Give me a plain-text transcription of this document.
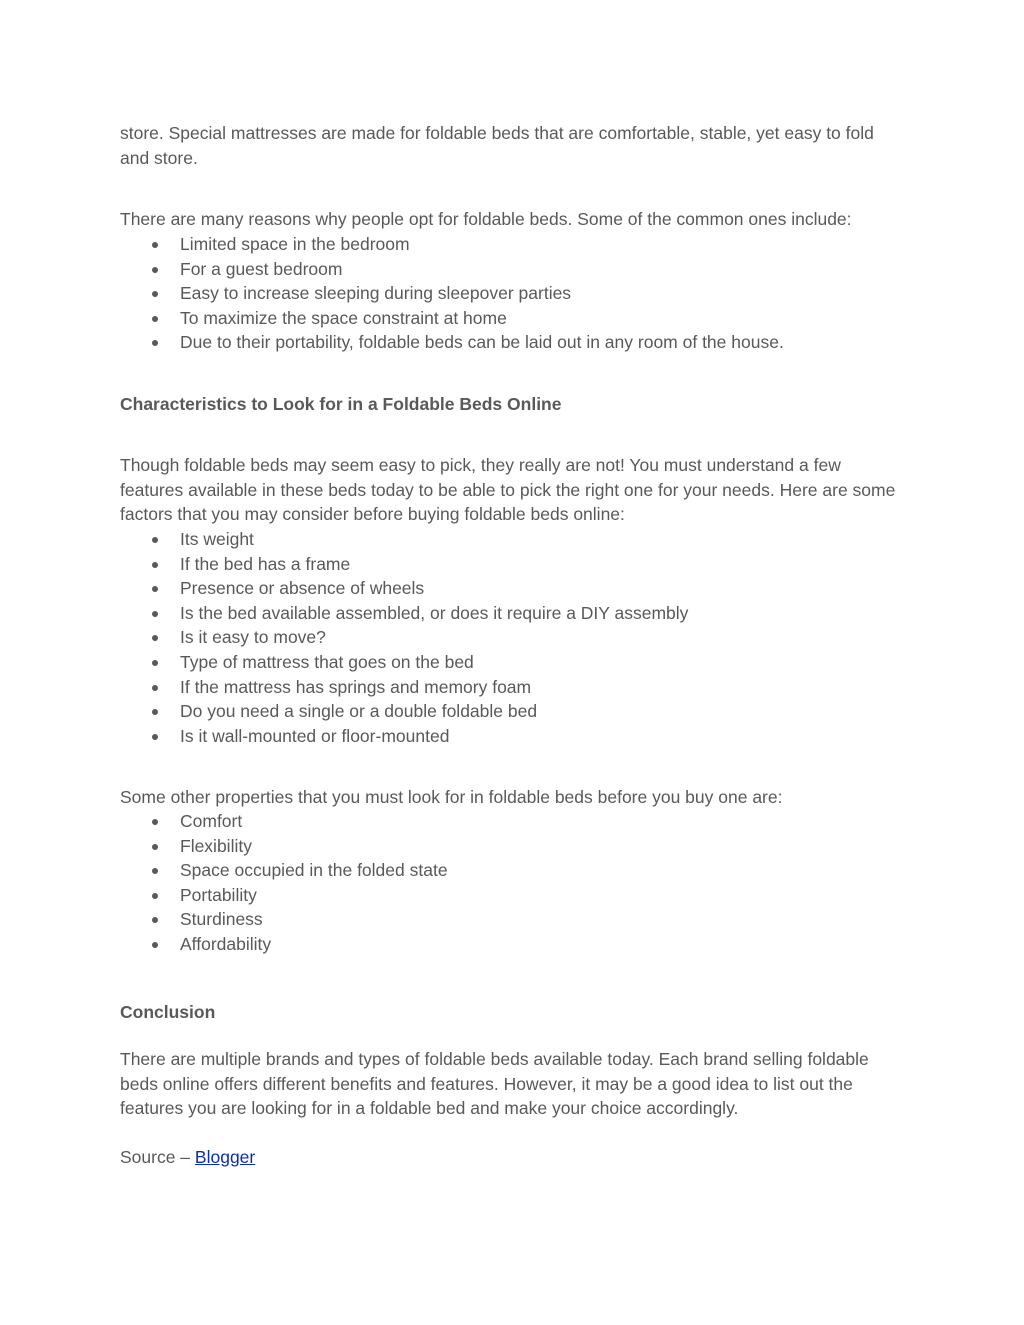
store. Special mattresses are made for foldable beds that are comfortable, stable, yet easy to fold and store.

There are many reasons why people opt for foldable beds. Some of the common ones include:

Limited space in the bedroom
For a guest bedroom
Easy to increase sleeping during sleepover parties
To maximize the space constraint at home
Due to their portability, foldable beds can be laid out in any room of the house.

Characteristics to Look for in a Foldable Beds Online

Though foldable beds may seem easy to pick, they really are not! You must understand a few features available in these beds today to be able to pick the right one for your needs. Here are some factors that you may consider before buying foldable beds online:

Its weight
If the bed has a frame
Presence or absence of wheels
Is the bed available assembled, or does it require a DIY assembly
Is it easy to move?
Type of mattress that goes on the bed
If the mattress has springs and memory foam
Do you need a single or a double foldable bed
Is it wall-mounted or floor-mounted

Some other properties that you must look for in foldable beds before you buy one are:

Comfort
Flexibility
Space occupied in the folded state
Portability
Sturdiness
Affordability

Conclusion

There are multiple brands and types of foldable beds available today. Each brand selling foldable beds online offers different benefits and features. However, it may be a good idea to list out the features you are looking for in a foldable bed and make your choice accordingly.

Source – Blogger
